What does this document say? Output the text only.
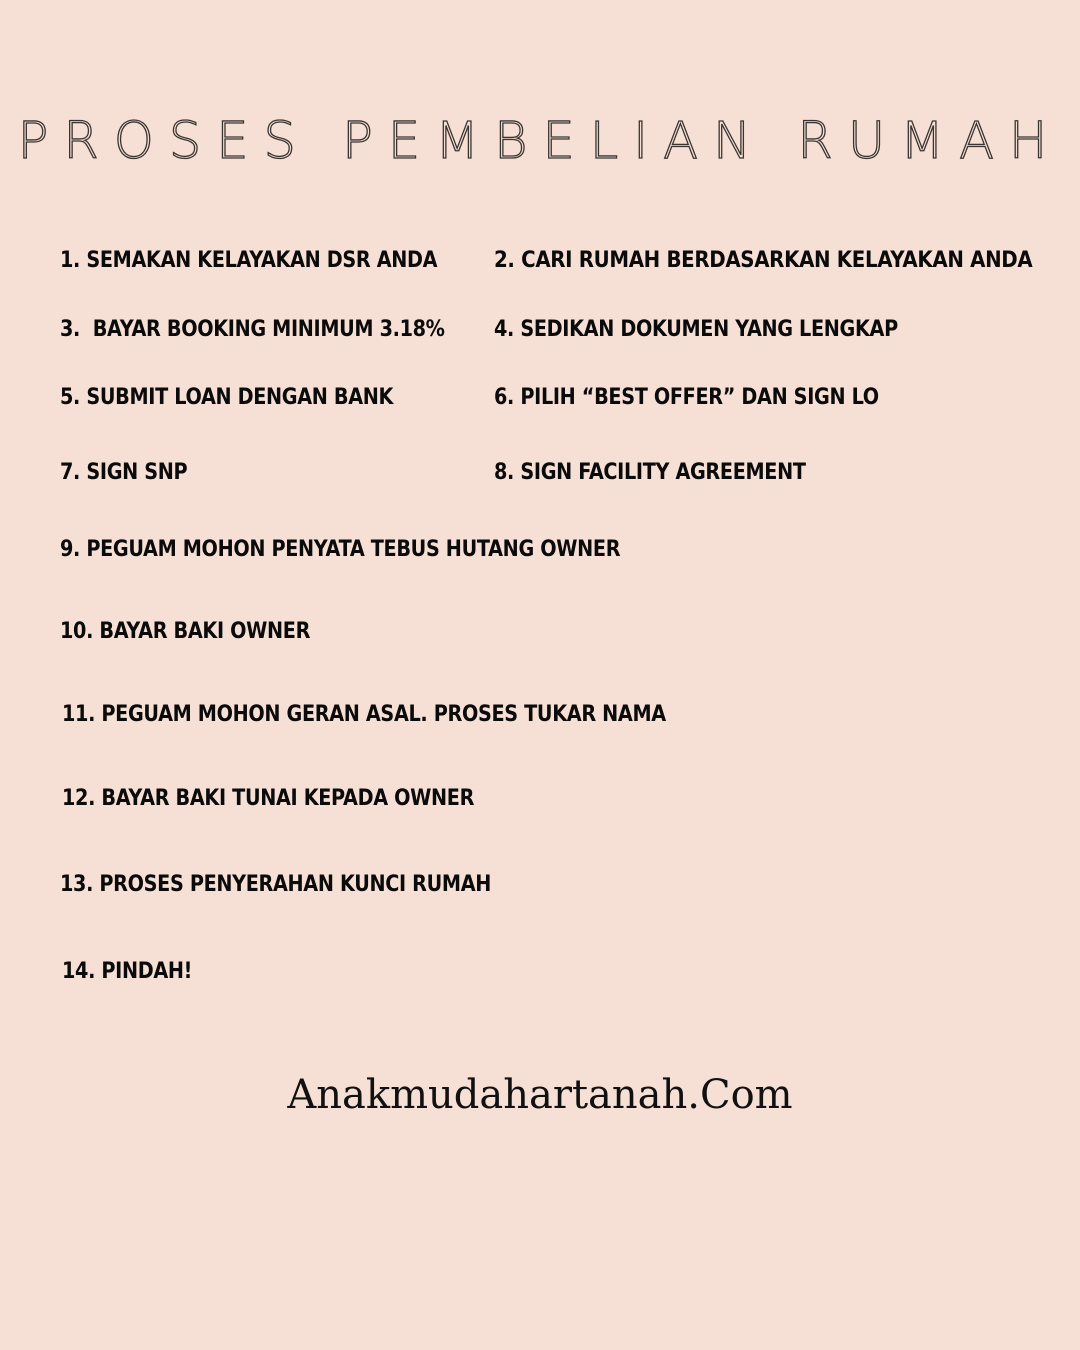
PROSES PEMBELIAN RUMAH
1. SEMAKAN KELAYAKAN DSR ANDA	2. CARI RUMAH BERDASARKAN KELAYAKAN ANDA
3.  BAYAR BOOKING MINIMUM 3.18% 4. SEDIKAN DOKUMEN YANG LENGKAP
5. SUBMIT LOAN DENGAN BANK	6. PILIH “BEST OFFER” DAN SIGN LO
7. SIGN SNP	8. SIGN FACILITY AGREEMENT
9. PEGUAM MOHON PENYATA TEBUS HUTANG OWNER
10. BAYAR BAKI OWNER
11. PEGUAM MOHON GERAN ASAL. PROSES TUKAR NAMA
12. BAYAR BAKI TUNAI KEPADA OWNER
13. PROSES PENYERAHAN KUNCI RUMAH
14. PINDAH!
Anakmudahartanah.Com
